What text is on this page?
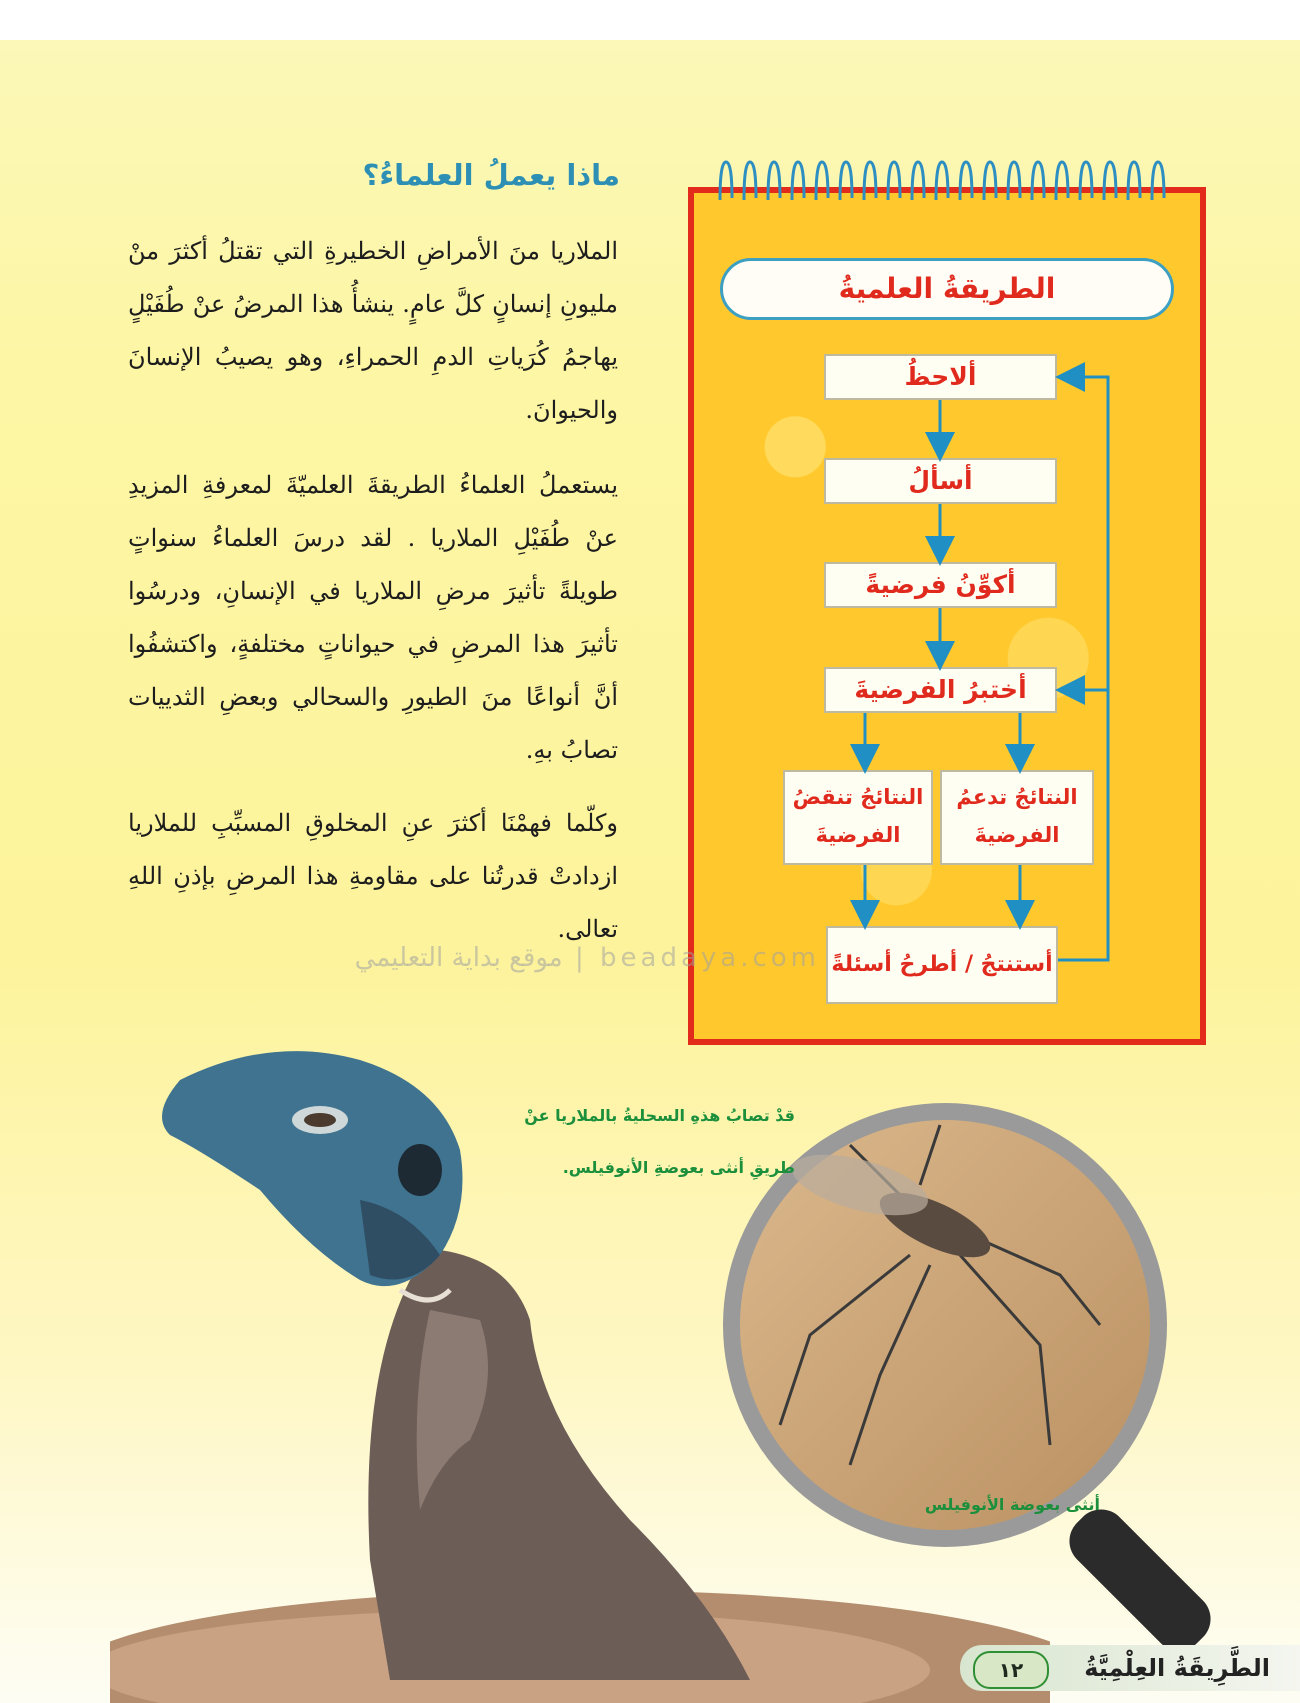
ماذا يعملُ العلماءُ؟

الملاريا منَ الأمراضِ الخطيرةِ التي تقتلُ أكثرَ منْ مليونِ إنسانٍ كلَّ عامٍ. ينشأُ هذا المرضُ عنْ طُفَيْلٍ يهاجمُ كُرَياتِ الدمِ الحمراءِ، وهو يصيبُ الإنسانَ والحيوانَ.

يستعملُ العلماءُ الطريقةَ العلميّةَ لمعرفةِ المزيدِ عنْ طُفَيْلِ الملاريا . لقد درسَ العلماءُ سنواتٍ طويلةً تأثيرَ مرضِ الملاريا في الإنسانِ، ودرسُوا تأثيرَ هذا المرضِ في حيواناتٍ مختلفةٍ، واكتشفُوا أنَّ أنواعًا منَ الطيورِ والسحالي وبعضِ الثدييات تصابُ بهِ.

وكلّما فهمْنَا أكثرَ عنِ المخلوقِ المسبِّبِ للملاريا ازدادتْ قدرتُنا على مقاومةِ هذا المرضِ بإذنِ اللهِ تعالى.

الطريقةُ العلميةُ
ألاحظُ
أسألُ
أكوِّنُ فرضيةً
أختبرُ الفرضيةَ
النتائجُ تدعمُ
الفرضيةَ
النتائجُ تنقضُ
الفرضيةَ
أستنتجُ / أطرحُ أسئلةً
beadaya.com | موقع بداية التعليمي
قدْ تصابُ هذهِ السحليةُ بالملاريا عنْ
طريقِ أنثى بعوضةِ الأنوفيلس.
أنثى بعوضة الأنوفيلس
الطَّرِيقَةُ العِلْمِيَّةُ
١٢
